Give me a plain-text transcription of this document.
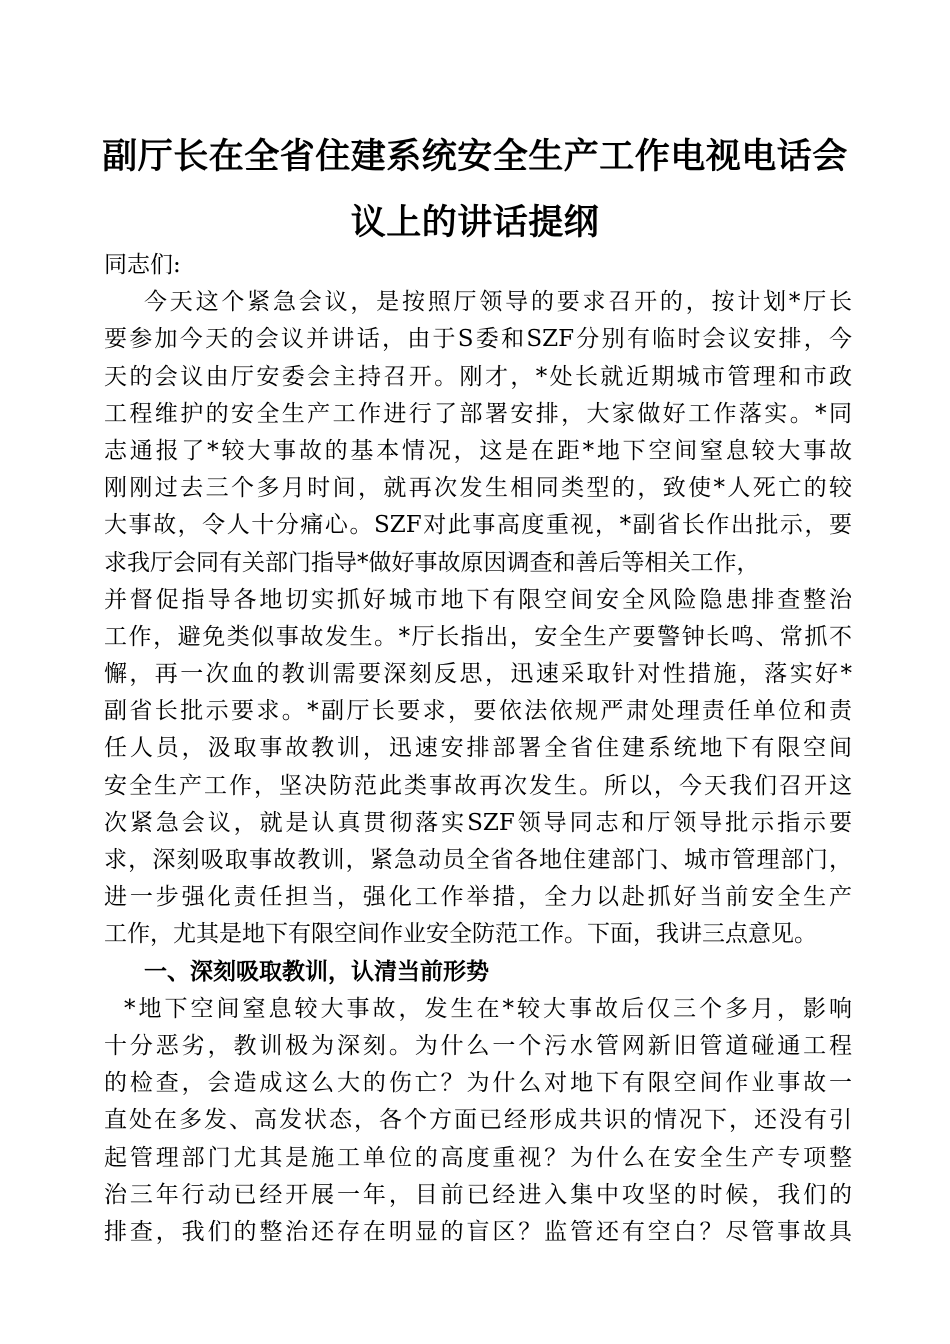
副厅长在全省住建系统安全生产工作电视电话会
议上的讲话提纲
同志们:
今天这个紧急会议，是按照厅领导的要求召开的，按计划*厅长
要参加今天的会议并讲话，由于S委和SZF分别有临时会议安排，今
天的会议由厅安委会主持召开。刚才，*处长就近期城市管理和市政
工程维护的安全生产工作进行了部署安排，大家做好工作落实。*同
志通报了*较大事故的基本情况，这是在距*地下空间窒息较大事故
刚刚过去三个多月时间，就再次发生相同类型的，致使*人死亡的较
大事故，令人十分痛心。SZF对此事高度重视，*副省长作出批示，要
求我厅会同有关部门指导*做好事故原因调查和善后等相关工作，
并督促指导各地切实抓好城市地下有限空间安全风险隐患排查整治
工作，避免类似事故发生。*厅长指出，安全生产要警钟长鸣、常抓不
懈，再一次血的教训需要深刻反思，迅速采取针对性措施，落实好*
副省长批示要求。*副厅长要求，要依法依规严肃处理责任单位和责
任人员，汲取事故教训，迅速安排部署全省住建系统地下有限空间
安全生产工作，坚决防范此类事故再次发生。所以，今天我们召开这
次紧急会议，就是认真贯彻落实SZF领导同志和厅领导批示指示要
求，深刻吸取事故教训，紧急动员全省各地住建部门、城市管理部门，
进一步强化责任担当，强化工作举措，全力以赴抓好当前安全生产
工作，尤其是地下有限空间作业安全防范工作。下面，我讲三点意见。
一、深刻吸取教训，认清当前形势
*地下空间窒息较大事故，发生在*较大事故后仅三个多月，影响
十分恶劣，教训极为深刻。为什么一个污水管网新旧管道碰通工程
的检查，会造成这么大的伤亡？为什么对地下有限空间作业事故一
直处在多发、高发状态，各个方面已经形成共识的情况下，还没有引
起管理部门尤其是施工单位的高度重视？为什么在安全生产专项整
治三年行动已经开展一年，目前已经进入集中攻坚的时候，我们的
排查，我们的整治还存在明显的盲区？监管还有空白？尽管事故具
